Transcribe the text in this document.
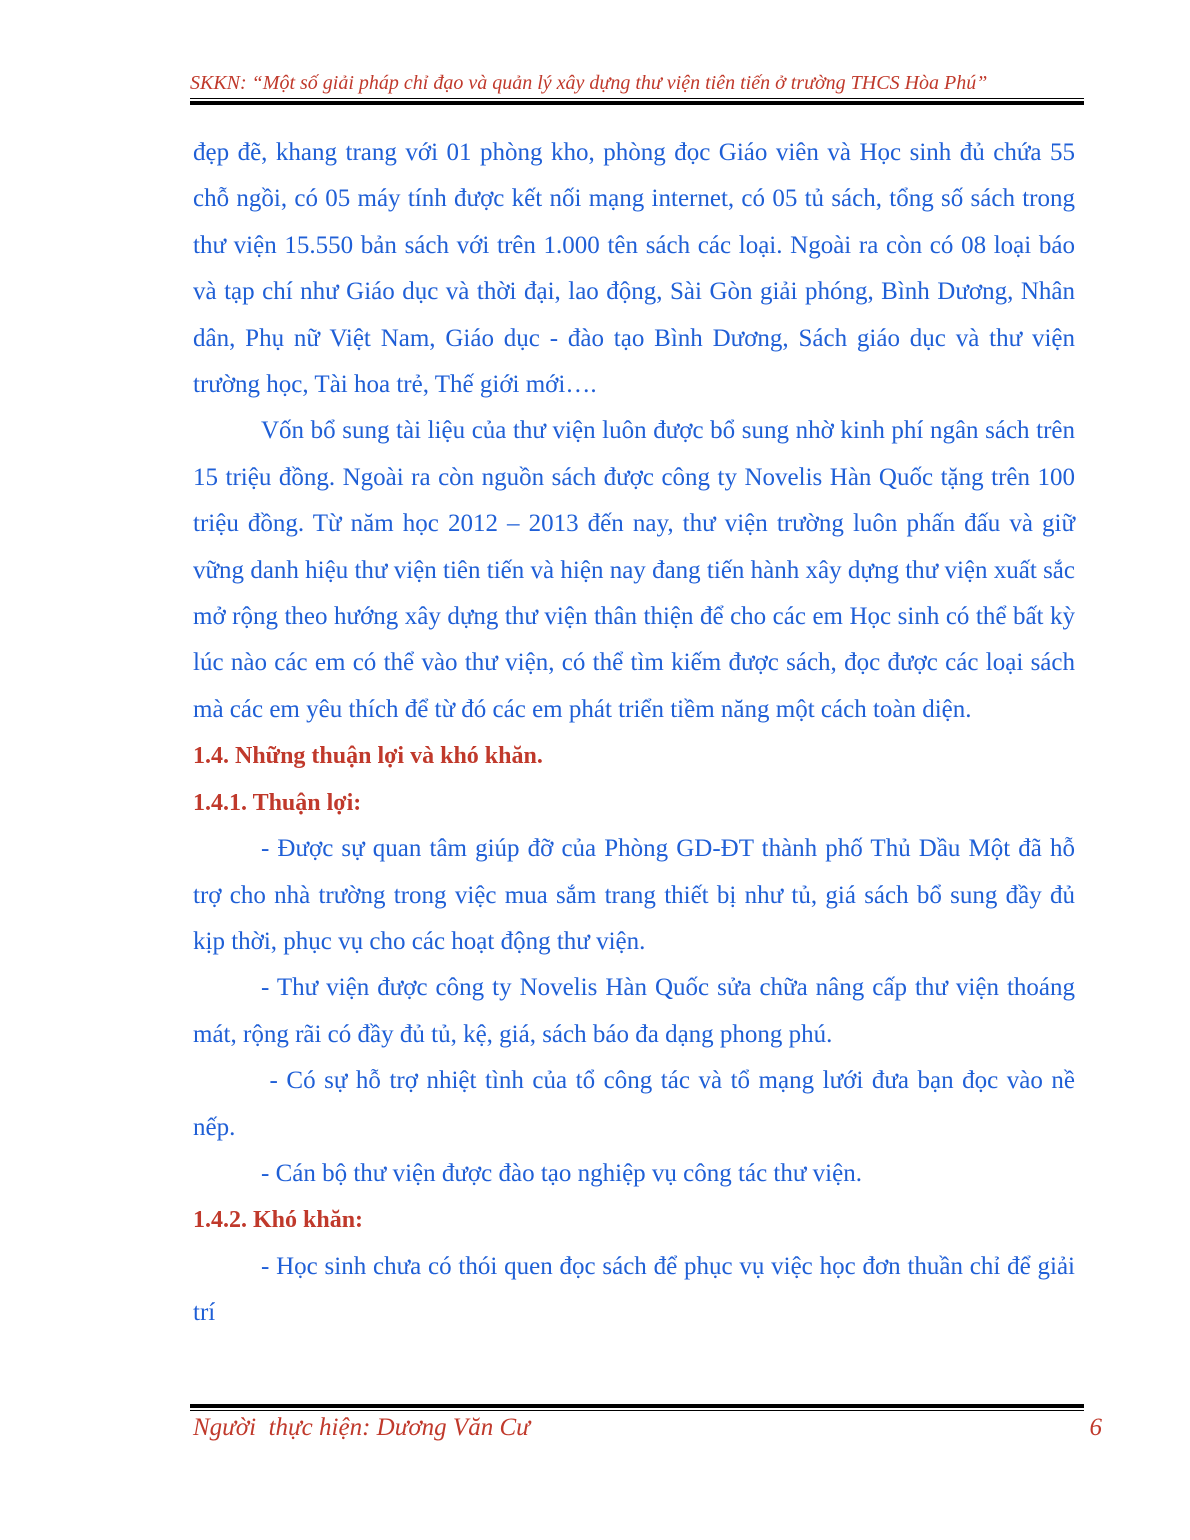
SKKN: “Một số giải pháp chỉ đạo và quản lý xây dựng thư viện tiên tiến ở trường THCS Hòa Phú”

đẹp đẽ, khang trang với 01 phòng kho, phòng đọc Giáo viên và Học sinh đủ chứa 55 chỗ ngồi, có 05 máy tính được kết nối mạng internet, có 05 tủ sách, tổng số sách trong thư viện 15.550 bản sách với trên 1.000 tên sách các loại. Ngoài ra còn có 08 loại báo và tạp chí như Giáo dục và thời đại, lao động, Sài Gòn giải phóng, Bình Dương, Nhân dân, Phụ nữ Việt Nam, Giáo dục - đào tạo Bình Dương, Sách giáo dục và thư viện trường học, Tài hoa trẻ, Thế giới mới….

Vốn bổ sung tài liệu của thư viện luôn được bổ sung nhờ kinh phí ngân sách trên 15 triệu đồng. Ngoài ra còn nguồn sách được công ty Novelis Hàn Quốc tặng trên 100 triệu đồng. Từ năm học 2012 – 2013 đến nay, thư viện trường luôn phấn đấu và giữ vững danh hiệu thư viện tiên tiến và hiện nay đang tiến hành xây dựng thư viện xuất sắc mở rộng theo hướng xây dựng thư viện thân thiện để cho các em Học sinh có thể bất kỳ lúc nào các em có thể vào thư viện, có thể tìm kiếm được sách, đọc được các loại sách mà các em yêu thích để từ đó các em phát triển tiềm năng một cách toàn diện.

1.4. Những thuận lợi và khó khăn.

1.4.1. Thuận lợi:

- Được sự quan tâm giúp đỡ của Phòng GD-ĐT thành phố Thủ Dầu Một đã hỗ trợ cho nhà trường trong việc mua sắm trang thiết bị như tủ, giá sách bổ sung đầy đủ kịp thời, phục vụ cho các hoạt động thư viện.

- Thư viện được công ty Novelis Hàn Quốc sửa chữa nâng cấp thư viện thoáng mát, rộng rãi có đầy đủ tủ, kệ, giá, sách báo đa dạng phong phú.

- Có sự hỗ trợ nhiệt tình của tổ công tác và tổ mạng lưới đưa bạn đọc vào nề nếp.

- Cán bộ thư viện được đào tạo nghiệp vụ công tác thư viện.

1.4.2. Khó khăn:

- Học sinh chưa có thói quen đọc sách để phục vụ việc học đơn thuần chỉ để giải trí

Người  thực hiện: Dương Văn Cư	6
